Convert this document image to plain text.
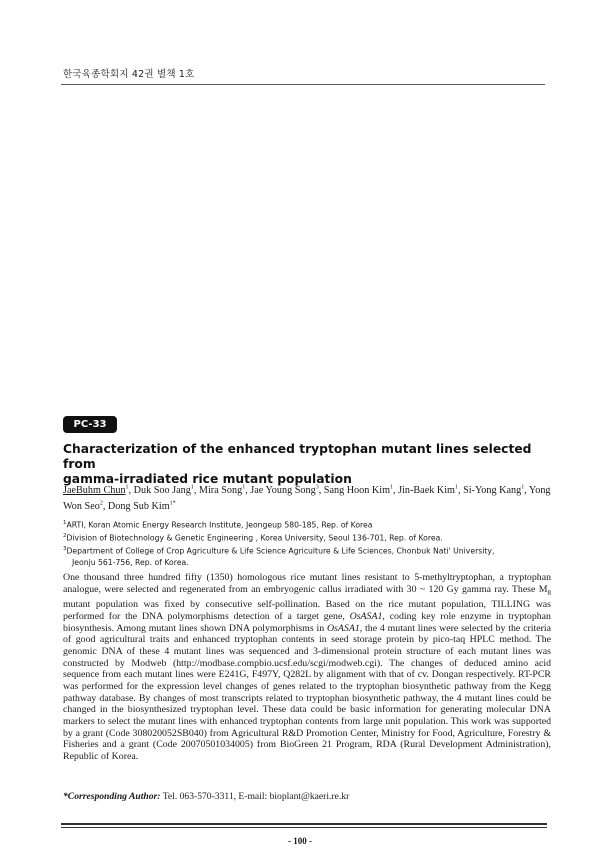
한국육종학회지 42권 별책 1호
PC-33
Characterization of the enhanced tryptophan mutant lines selected from
gamma-irradiated rice mutant population
JaeBuhm Chun$^1$, Duk Soo Jang$^1$, Mira Song$^1$, Jae Young Song$^3$, Sang Hoon Kim$^1$, Jin-Baek Kim$^1$, Si-Yong Kang$^1$, Yong Won Seo$^2$, Dong Sub Kim$^{1*}$
$^1$ARTI, Koran Atomic Energy Research Institute, Jeongeup 580-185, Rep. of Korea
$^2$Division of Biotechnology & Genetic Engineering , Korea University, Seoul 136-701, Rep. of Korea.
$^3$Department of College of Crop Agriculture & Life Science Agriculture & Life Sciences, Chonbuk Nati' University,
Jeonju 561-756, Rep. of Korea.
One thousand three hundred fifty (1350) homologous rice mutant lines resistant to 5-methyltryptophan, a tryptophan analogue, were selected and regenerated from an embryogenic callus irradiated with 30 ~ 120 Gy gamma ray. These $M_8$ mutant population was fixed by consecutive self-pollination. Based on the rice mutant population, TILLING was performed for the DNA polymorphisms detection of a target gene, OsASA1, coding key role enzyme in tryptophan biosynthesis. Among mutant lines shown DNA polymorphisms in OsASA1, the 4 mutant lines were selected by the criteria of good agricultural traits and enhanced tryptophan contents in seed storage protein by pico-taq HPLC method. The genomic DNA of these 4 mutant lines was sequenced and 3-dimensional protein structure of each mutant lines was constructed by Modweb (http://modbase.compbio.ucsf.edu/scgi/modweb.cgi). The changes of deduced amino acid sequence from each mutant lines were E241G, F497Y, Q282L by alignment with that of cv. Dongan respectively. RT-PCR was performed for the expression level changes of genes related to the tryptophan biosynthetic pathway from the Kegg pathway database. By changes of most transcripts related to tryptophan biosynthetic pathway, the 4 mutant lines could be changed in the biosynthesized tryptophan level. These data could be basic information for generating molecular DNA markers to select the mutant lines with enhanced tryptophan contents from large unit population. This work was supported by a grant (Code 308020052SB040) from Agricultural R&D Promotion Center, Ministry for Food, Agriculture, Forestry & Fisheries and a grant (Code 20070501034005) from BioGreen 21 Program, RDA (Rural Development Administration), Republic of Korea.
*Corresponding Author: Tel. 063-570-3311, E-mail: bioplant@kaeri.re.kr
- 100 -
